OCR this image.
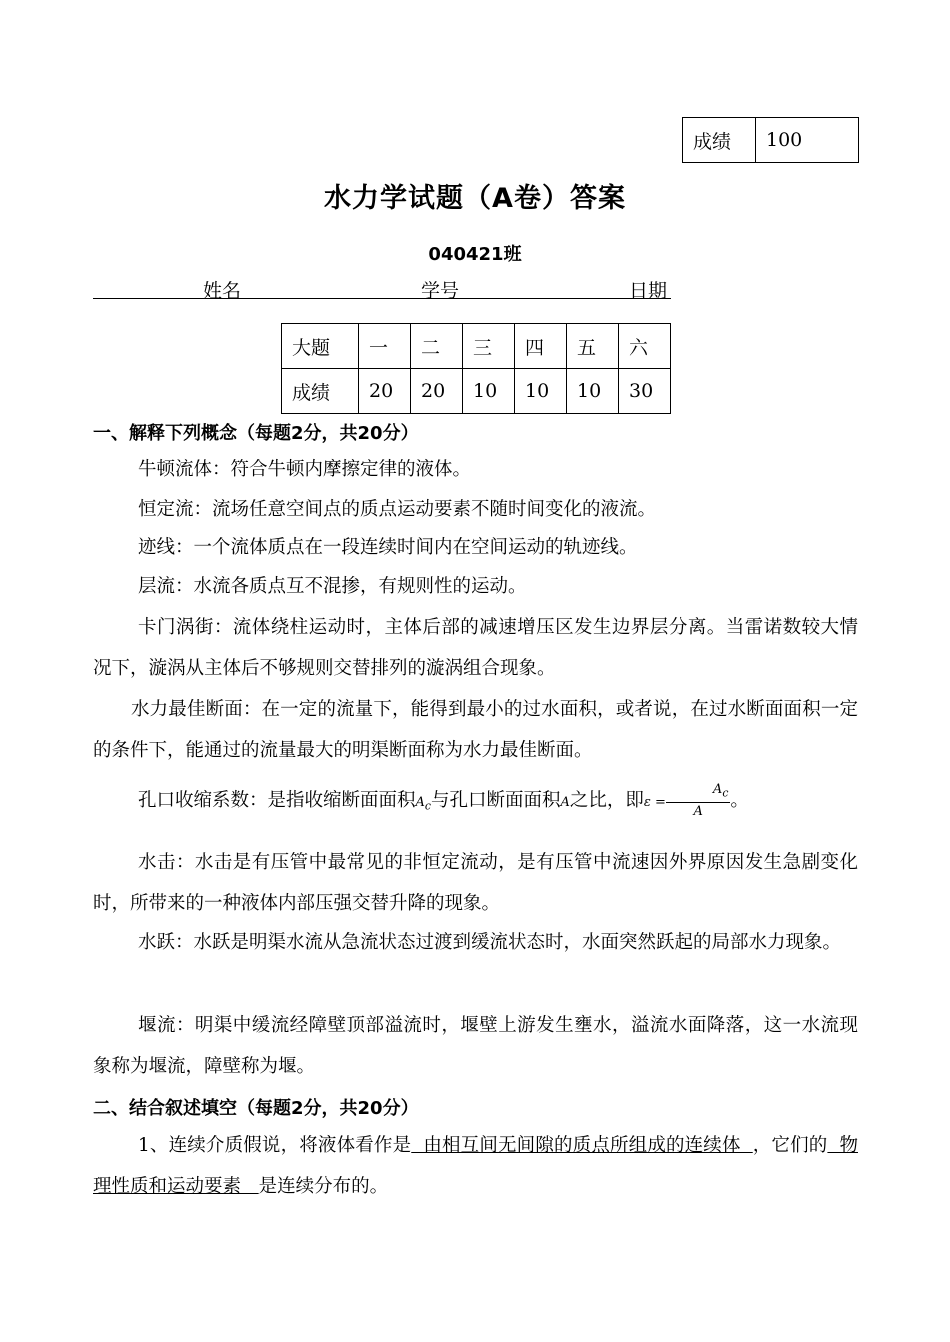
成绩	100
水力学试题（A卷）答案
040421班
姓名	学号	日期
大题	一	二	三	四	五	六
成绩	20	20	10	10	10	30
一、解释下列概念（每题2分，共20分）
牛顿流体：符合牛顿内摩擦定律的液体。
恒定流：流场任意空间点的质点运动要素不随时间变化的液流。
迹线：一个流体质点在一段连续时间内在空间运动的轨迹线。
层流：水流各质点互不混掺，有规则性的运动。
卡门涡街：流体绕柱运动时，主体后部的减速增压区发生边界层分离。当雷诺数较大情况下，漩涡从主体后不够规则交替排列的漩涡组合现象。
水力最佳断面：在一定的流量下，能得到最小的过水面积，或者说，在过水断面面积一定的条件下，能通过的流量最大的明渠断面称为水力最佳断面。
孔口收缩系数：是指收缩断面面积$A_c$与孔口断面面积A之比，即$\varepsilon = \frac{A_c}{A}$。
水击：水击是有压管中最常见的非恒定流动，是有压管中流速因外界原因发生急剧变化时，所带来的一种液体内部压强交替升降的现象。
水跃：水跃是明渠水流从急流状态过渡到缓流状态时，水面突然跃起的局部水力现象。
堰流：明渠中缓流经障壁顶部溢流时，堰壁上游发生壅水，溢流水面降落，这一水流现象称为堰流，障壁称为堰。
二、结合叙述填空（每题2分，共20分）
1、连续介质假说，将液体看作是  由相互间无间隙的质点所组成的连续体  ，它们的  物理性质和运动要素   是连续分布的。
